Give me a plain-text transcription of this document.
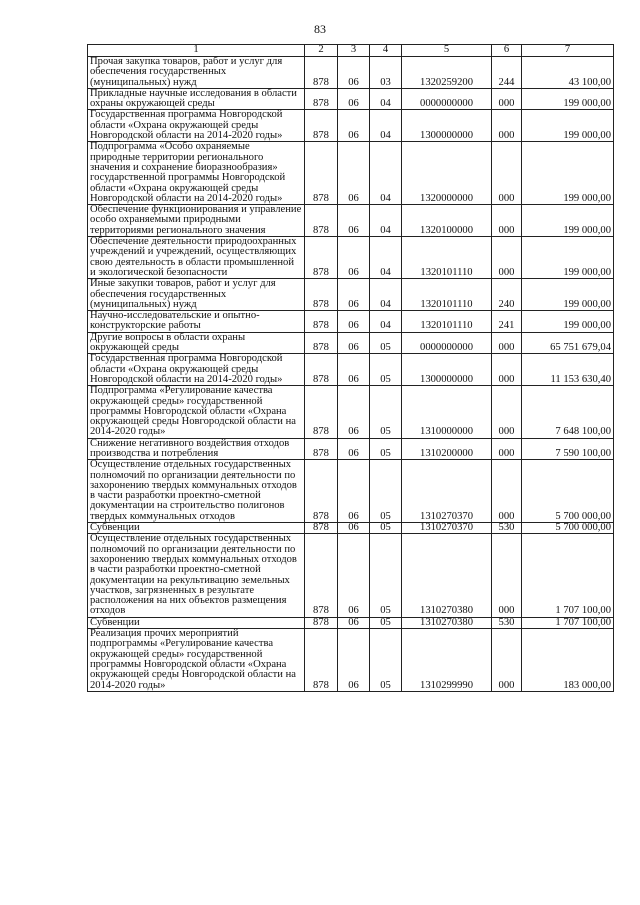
83
1	2	3	4	5	6	7
Прочая закупка товаров, работ и услуг для обеспечения государственных (муниципальных) нужд	878	06	03	1320259200	244	43 100,00
Прикладные научные исследования в области охраны окружающей среды	878	06	04	0000000000	000	199 000,00
Государственная программа Новгородской области «Охрана окружающей среды Новгородской области на 2014-2020 годы»	878	06	04	1300000000	000	199 000,00
Подпрограмма «Особо охраняемые природные территории регионального значения и сохранение биоразнообразия» государственной программы Новгородской области «Охрана окружающей среды Новгородской области на 2014-2020 годы»	878	06	04	1320000000	000	199 000,00
Обеспечение функционирования и управление особо охраняемыми природными территориями регионального значения	878	06	04	1320100000	000	199 000,00
Обеспечение деятельности природоохранных учреждений и учреждений, осуществляющих свою деятельность в области промышленной и экологической безопасности	878	06	04	1320101110	000	199 000,00
Иные закупки товаров, работ и услуг для обеспечения государственных (муниципальных) нужд	878	06	04	1320101110	240	199 000,00
Научно-исследовательские и опытно-конструкторские работы	878	06	04	1320101110	241	199 000,00
Другие вопросы в области охраны окружающей среды	878	06	05	0000000000	000	65 751 679,04
Государственная программа Новгородской области «Охрана окружающей среды Новгородской области на 2014-2020 годы»	878	06	05	1300000000	000	11 153 630,40
Подпрограмма «Регулирование качества окружающей среды» государственной программы Новгородской области «Охрана окружающей среды Новгородской области на 2014-2020 годы»	878	06	05	1310000000	000	7 648 100,00
Снижение негативного воздействия отходов производства и потребления	878	06	05	1310200000	000	7 590 100,00
Осуществление отдельных государственных полномочий по организации деятельности по захоронению твердых коммунальных отходов в части разработки проектно-сметной документации на строительство полигонов твердых коммунальных отходов	878	06	05	1310270370	000	5 700 000,00
Субвенции	878	06	05	1310270370	530	5 700 000,00
Осуществление отдельных государственных полномочий по организации деятельности по захоронению твердых коммунальных отходов в части разработки проектно-сметной документации на рекультивацию земельных участков, загрязненных в результате расположения на них объектов размещения отходов	878	06	05	1310270380	000	1 707 100,00
Субвенции	878	06	05	1310270380	530	1 707 100,00
Реализация прочих мероприятий подпрограммы «Регулирование качества окружающей среды» государственной программы Новгородской области «Охрана окружающей среды Новгородской области на 2014-2020 годы»	878	06	05	1310299990	000	183 000,00
